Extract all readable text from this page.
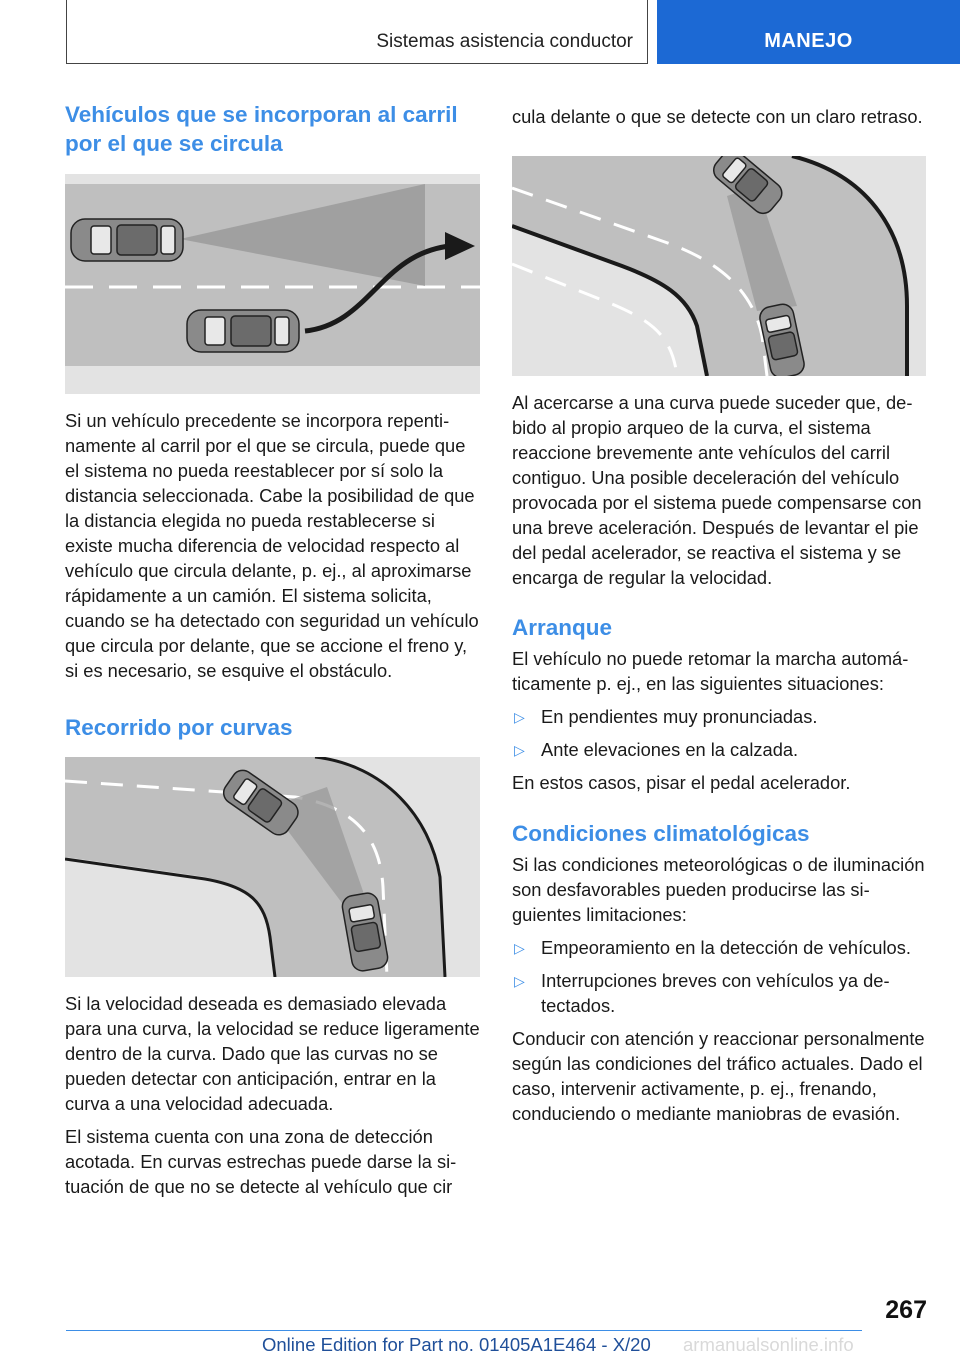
Sistemas asistencia conductor	MANEJO
Vehículos que se incorporan al carril por el que se circula

Si un vehículo precedente se incorpora repentinamente al carril por el que se circula, puede que el sistema no pueda reestablecer por sí solo la distancia seleccionada. Cabe la posibilidad de que la distancia elegida no pueda restablecerse si existe mucha diferencia de velocidad respecto al vehículo que circula delante, p. ej., al aproximarse rápidamente a un camión. El sistema solicita, cuando se ha detectado con seguridad un vehículo que circula por delante, que se accione el freno y, si es necesario, se esquive el obstáculo.

Recorrido por curvas

Si la velocidad deseada es demasiado elevada para una curva, la velocidad se reduce ligeramente dentro de la curva. Dado que las curvas no se pueden detectar con anticipación, entrar en la curva a una velocidad adecuada.

El sistema cuenta con una zona de detección acotada. En curvas estrechas puede darse la situación de que no se detecte al vehículo que cir

cula delante o que se detecte con un claro retraso.

Al acercarse a una curva puede suceder que, debido al propio arqueo de la curva, el sistema reaccione brevemente ante vehículos del carril contiguo. Una posible deceleración del vehículo provocada por el sistema puede compensarse con una breve aceleración. Después de levantar el pie del pedal acelerador, se reactiva el sistema y se encarga de regular la velocidad.

Arranque

El vehículo no puede retomar la marcha automáticamente p. ej., en las siguientes situaciones:

▷ En pendientes muy pronunciadas.
▷ Ante elevaciones en la calzada.

En estos casos, pisar el pedal acelerador.

Condiciones climatológicas

Si las condiciones meteorológicas o de iluminación son desfavorables pueden producirse las siguientes limitaciones:

▷ Empeoramiento en la detección de vehículos.
▷ Interrupciones breves con vehículos ya detectados.

Conducir con atención y reaccionar personalmente según las condiciones del tráfico actuales. Dado el caso, intervenir activamente, p. ej., frenando, conduciendo o mediante maniobras de evasión.

267
Online Edition for Part no. 01405A1E464 - X/20 armanualsonline.info
